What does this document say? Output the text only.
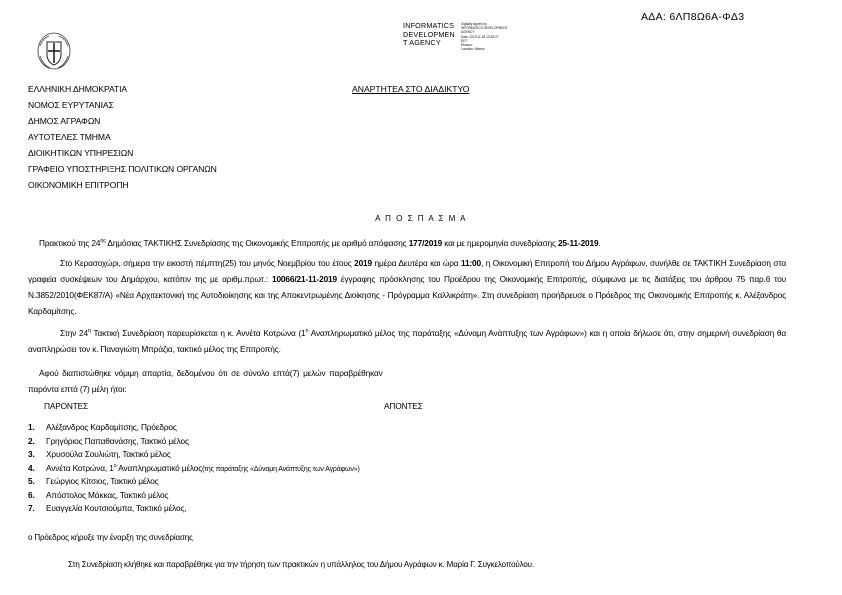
ΑΔΑ: 6ΛΠ8Ω6Α-ΦΔ3
INFORMATICS
DEVELOPMEN
T AGENCY
Digitally signed by
INFORMATICS DEVELOPMENT
AGENCY
Date: 2019.11.28 13:28:27
EET
Reason:
Location: Athens
ΕΛΛΗΝΙΚΗ ΔΗΜΟΚΡΑΤΙΑ
ΝΟΜΟΣ ΕΥΡΥΤΑΝΙΑΣ
ΔΗΜΟΣ ΑΓΡΑΦΩΝ
ΑΥΤΟΤΕΛΕΣ ΤΜΗΜΑ
ΔΙΟΙΚΗΤΙΚΩΝ ΥΠΗΡΕΣΙΩΝ
ΓΡΑΦΕΙΟ ΥΠΟΣΤΗΡΙΞΗΣ ΠΟΛΙΤΙΚΩΝ ΟΡΓΑΝΩΝ
ΟΙΚΟΝΟΜΙΚΗ ΕΠΙΤΡΟΠΗ
ΑΝΑΡΤΗΤΕΑ ΣΤΟ ΔΙΑΔΙΚΤΥΟ
Α Π Ο Σ Π Α Σ Μ Α
Πρακτικού της $24^{\eta\varsigma}$ Δημόσιας ΤΑΚΤΙΚΗΣ Συνεδρίασης της Οικονομικής Επιτροπής με αριθμό απόφασης 177/2019 και με ημερομηνία συνεδρίασης 25-11-2019.
Στο Κερασοχώρι, σήμερα την εικοστή πέμπτη(25) του μηνός Νοεμβρίου του έτους 2019 ημέρα Δευτέρα και ώρα 11:00, η Οικονομική Επιτροπή του Δήμου Αγράφων, συνήλθε σε ΤΑΚΤΙΚΗ Συνεδρίαση στα γραφεία συσκέψεων του Δημάρχου, κατόπιν της με αριθμ.πρωτ.: 10066/21-11-2019 έγγραφης πρόσκλησης του Προέδρου της Οικονομικής Επιτροπής, σύμφωνα με τις διατάξεις του άρθρου 75 παρ.6 του Ν.3852/2010(ΦΕΚ87/Α) «Νέα Αρχιτεκτονική της Αυτοδιοίκησης και της Αποκεντρωμένης Διοίκησης - Πρόγραμμα Καλλικράτη». Στη συνεδρίαση προήδρευσε ο Πρόεδρος της Οικονομικής Επιτροπής κ. Αλέξανδρος Καρδαμίτσης.
Στην $24^\eta$ Τακτική Συνεδρίαση παρευρίσκεται η κ. Αννέτα Κοτρώνα ($1^o$ Αναπληρωματικό μέλος της παράταξης «Δύναμη Ανάπτυξης των Αγράφων») και η οποία δήλωσε ότι, στην σημερινή συνεδρίαση θα αναπληρώσει τον κ. Παναγιώτη Μπράζια, τακτικό μέλος της Επιτροπής.
Αφού διαπιστώθηκε νόμιμη απαρτία, δεδομένου ότι σε σύνολο επτά(7) μελών παραβρέθηκαν
παρόντα επτά (7) μέλη ήτοι:
ΠΑΡΟΝΤΕΣ	ΑΠΟΝΤΕΣ
1. Αλέξανδρος Καρδαμίτσης, Πρόεδρος
2. Γρηγόριος Παπαθανάσης, Τακτικό μέλος
3. Χρυσούλα Σουλιώτη, Τακτικό μέλος
4. Αννέτα Κοτρώνα, $1^o$ Αναπληρωματικό μέλος(της παράταξης «Δύναμη Ανάπτυξης των Αγράφων»)
5. Γεώργιος Κίτσιος, Τακτικό μέλος
6. Απόστολος Μάκκας, Τακτικό μέλος
7. Ευαγγελία Κουτσιούμπα, Τακτικό μέλος,
ο Πρόεδρος κήρυξε την έναρξη της συνεδρίασης
Στη Συνεδρίαση κλήθηκε και παραβρέθηκε για την τήρηση των πρακτικών η υπάλληλος του Δήμου Αγράφων κ. Μαρία Γ. Συγκελοπούλου.
